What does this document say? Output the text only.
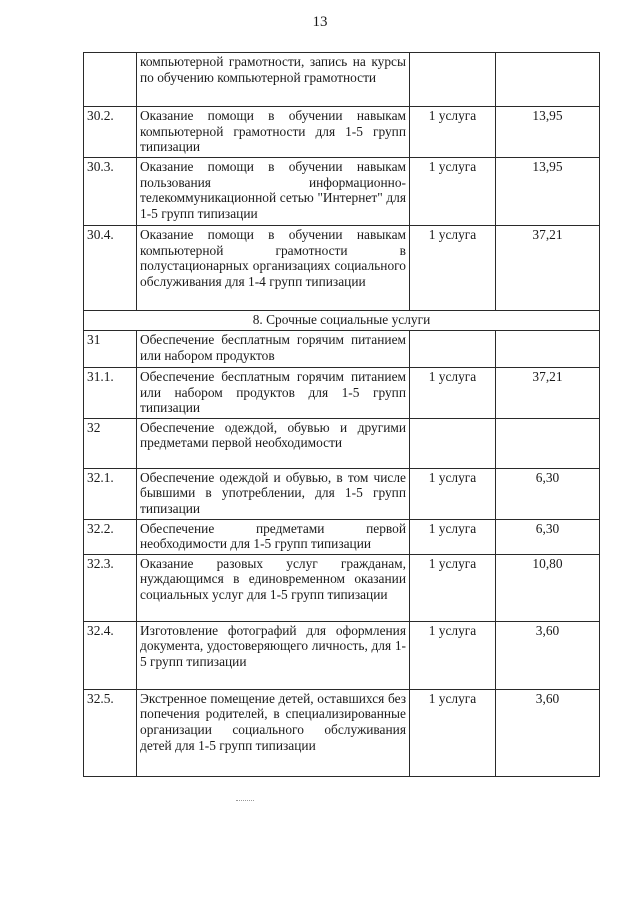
13
	компьютерной грамотности, запись на курсы по обучению компьютерной грамотности		
30.2.	Оказание помощи в обучении навыкам компьютерной грамотности для 1-5 групп типизации	1 услуга	13,95
30.3.	Оказание помощи в обучении навыкам пользования информационно-телекоммуникационной сетью "Интернет" для 1-5 групп типизации	1 услуга	13,95
30.4.	Оказание помощи в обучении навыкам компьютерной грамотности в полустационарных организациях социального обслуживания для 1-4 групп типизации	1 услуга	37,21
8. Срочные социальные услуги			
31	Обеспечение бесплатным горячим питанием или набором продуктов		
31.1.	Обеспечение бесплатным горячим питанием или набором продуктов для 1-5 групп типизации	1 услуга	37,21
32	Обеспечение одеждой, обувью и другими предметами первой необходимости		
32.1.	Обеспечение одеждой и обувью, в том числе бывшими в употреблении, для 1-5 групп типизации	1 услуга	6,30
32.2.	Обеспечение предметами первой необходимости для 1-5 групп типизации	1 услуга	6,30
32.3.	Оказание разовых услуг гражданам, нуждающимся в единовременном оказании социальных услуг для 1-5 групп типизации	1 услуга	10,80
32.4.	Изготовление фотографий для оформления документа, удостоверяющего личность, для 1-5 групп типизации	1 услуга	3,60
32.5.	Экстренное помещение детей, оставшихся без попечения родителей, в специализированные организации социального обслуживания детей для 1-5 групп типизации	1 услуга	3,60
